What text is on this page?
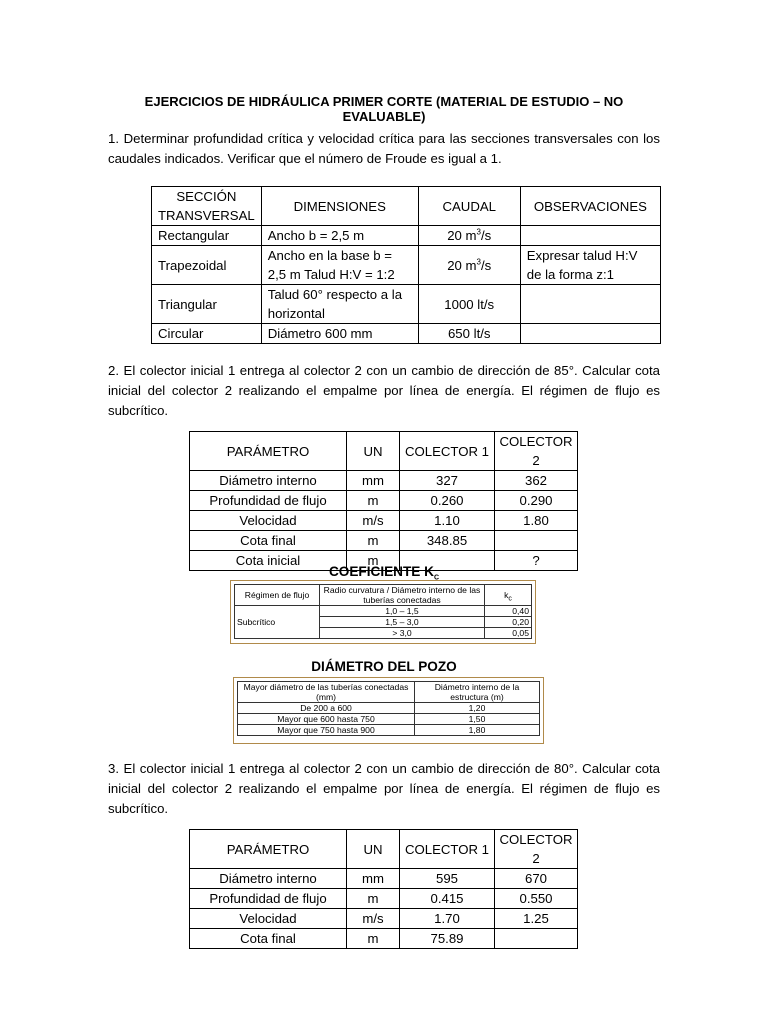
EJERCICIOS DE HIDRÁULICA PRIMER CORTE (MATERIAL DE ESTUDIO – NO EVALUABLE)
1. Determinar profundidad crítica y velocidad crítica para las secciones transversales con los caudales indicados. Verificar que el número de Froude es igual a 1.
SECCIÓN TRANSVERSAL	DIMENSIONES	CAUDAL	OBSERVACIONES
Rectangular	Ancho b = 2,5 m	20 $m^3/s$	
Trapezoidal	Ancho en la base b = 2,5 m Talud H:V = 1:2	20 $m^3/s$	Expresar talud H:V de la forma z:1
Triangular	Talud 60° respecto a la horizontal	1000 lt/s	
Circular	Diámetro 600 mm	650 lt/s	
2. El colector inicial 1 entrega al colector 2 con un cambio de dirección de 85°. Calcular cota inicial del colector 2 realizando el empalme por línea de energía. El régimen de flujo es subcrítico.
PARÁMETRO	UN	COLECTOR 1	COLECTOR 2
Diámetro interno	mm	327	362
Profundidad de flujo	m	0.260	0.290
Velocidad	m/s	1.10	1.80
Cota final	m	348.85	
Cota inicial	m		?
COEFICIENTE $K_C$
Régimen de flujo	Radio curvatura / Diámetro interno de las tuberías conectadas	$k_c$
Subcrítico	1,0 – 1,5	0,40
	1,5 – 3,0	0,20
	> 3,0	0,05
DIÁMETRO DEL POZO
Mayor diámetro de las tuberías conectadas (mm)	Diámetro interno de la estructura (m)
De 200 a 600	1,20
Mayor que 600 hasta 750	1,50
Mayor que 750 hasta 900	1,80
3. El colector inicial 1 entrega al colector 2 con un cambio de dirección de 80°. Calcular cota inicial del colector 2 realizando el empalme por línea de energía. El régimen de flujo es subcrítico.
PARÁMETRO	UN	COLECTOR 1	COLECTOR 2
Diámetro interno	mm	595	670
Profundidad de flujo	m	0.415	0.550
Velocidad	m/s	1.70	1.25
Cota final	m	75.89	
